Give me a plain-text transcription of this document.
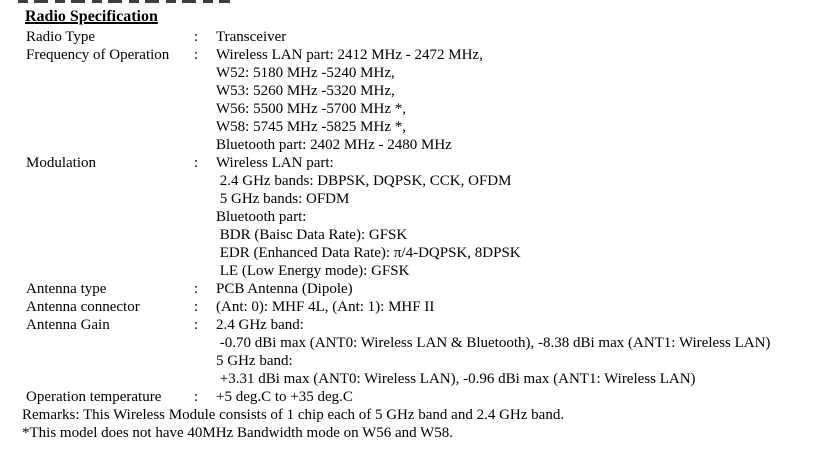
Radio Specification
Radio Type	:	Transceiver
Frequency of Operation	:	Wireless LAN part: 2412 MHz - 2472 MHz,
W52: 5180 MHz -5240 MHz,
W53: 5260 MHz -5320 MHz,
W56: 5500 MHz -5700 MHz *,
W58: 5745 MHz -5825 MHz *,
Bluetooth part: 2402 MHz - 2480 MHz
Modulation	:	Wireless LAN part:
2.4 GHz bands: DBPSK, DQPSK, CCK, OFDM
5 GHz bands: OFDM
Bluetooth part:
BDR (Baisc Data Rate): GFSK
EDR (Enhanced Data Rate): π/4-DQPSK, 8DPSK
LE (Low Energy mode): GFSK
Antenna type	:	PCB Antenna (Dipole)
Antenna connector	:	(Ant: 0): MHF 4L, (Ant: 1): MHF II
Antenna Gain	:	2.4 GHz band:
-0.70 dBi max (ANT0: Wireless LAN & Bluetooth), -8.38 dBi max (ANT1: Wireless LAN)
5 GHz band:
+3.31 dBi max (ANT0: Wireless LAN), -0.96 dBi max (ANT1: Wireless LAN)
Operation temperature	:	+5 deg.C to +35 deg.C
Remarks: This Wireless Module consists of 1 chip each of 5 GHz band and 2.4 GHz band.
*This model does not have 40MHz Bandwidth mode on W56 and W58.
